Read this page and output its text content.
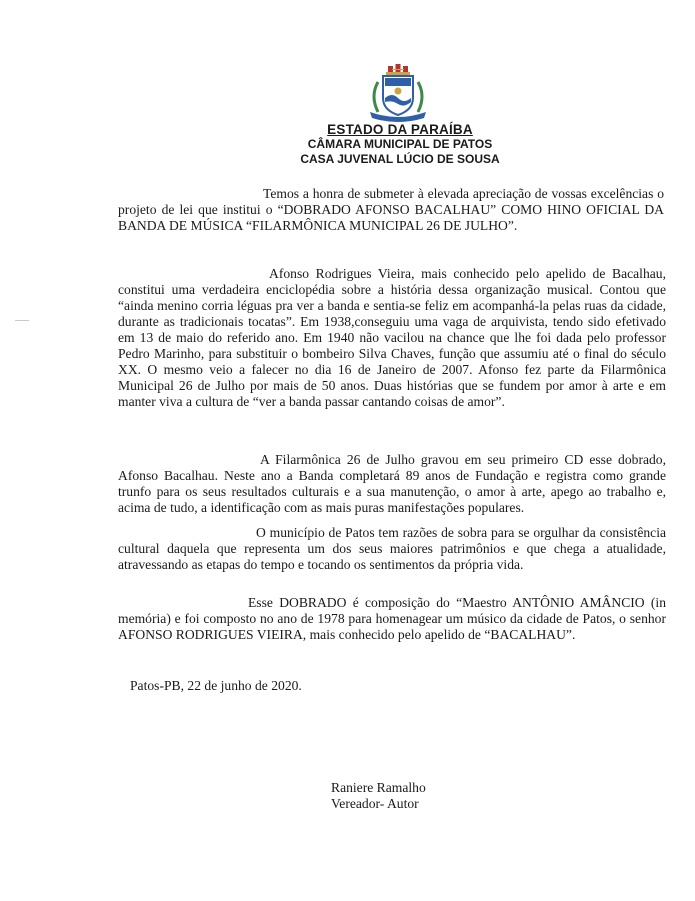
ESTADO DA PARAÍBA
CÂMARA MUNICIPAL DE PATOS
CASA JUVENAL LÚCIO DE SOUSA

Temos a honra de submeter à elevada apreciação de vossas excelências o projeto de lei que institui o “DOBRADO AFONSO BACALHAU” COMO HINO OFICIAL DA BANDA DE MÚSICA “FILARMÔNICA MUNICIPAL 26 DE JULHO”.

Afonso Rodrigues Vieira, mais conhecido pelo apelido de Bacalhau, constitui uma verdadeira enciclopédia sobre a história dessa organização musical. Contou que “ainda menino corria léguas pra ver a banda e sentia-se feliz em acompanhá-la pelas ruas da cidade, durante as tradicionais tocatas”. Em 1938,conseguiu uma vaga de arquivista, tendo sido efetivado em 13 de maio do referido ano. Em 1940 não vacilou na chance que lhe foi dada pelo professor Pedro Marinho, para substituir o bombeiro Silva Chaves, função que assumiu até o final do século XX. O mesmo veio a falecer no dia 16 de Janeiro de 2007. Afonso fez parte da Filarmônica Municipal 26 de Julho por mais de 50 anos. Duas histórias que se fundem por amor à arte e em manter viva a cultura de “ver a banda passar cantando coisas de amor”.

A Filarmônica 26 de Julho gravou em seu primeiro CD esse dobrado, Afonso Bacalhau. Neste ano a Banda completará 89 anos de Fundação e registra como grande trunfo para os seus resultados culturais e a sua manutenção, o amor à arte, apego ao trabalho e, acima de tudo, a identificação com as mais puras manifestações populares.

O município de Patos tem razões de sobra para se orgulhar da consistência cultural daquela que representa um dos seus maiores patrimônios e que chega a atualidade, atravessando as etapas do tempo e tocando os sentimentos da própria vida.

Esse DOBRADO é composição do “Maestro ANTÔNIO AMÂNCIO (in memória) e foi composto no ano de 1978 para homenagear um músico da cidade de Patos, o senhor AFONSO RODRIGUES VIEIRA, mais conhecido pelo apelido de “BACALHAU”.

Patos-PB, 22 de junho de 2020.
Raniere Ramalho
Vereador- Autor
